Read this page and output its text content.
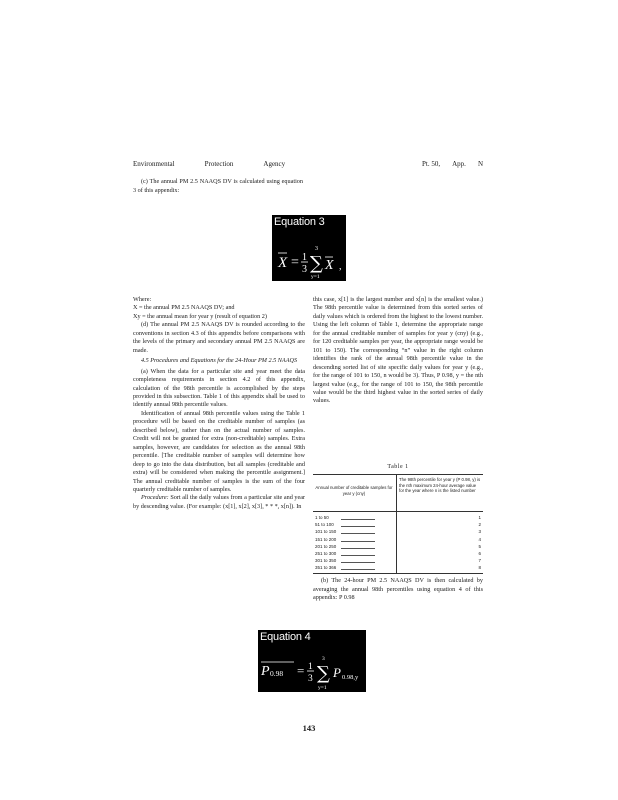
Environmental	Protection	Agency	Pt. 50, App. N
(c) The annual PM 2.5 NAAQS DV is calculated using equation 3 of this appendix:
Equation 3
X = 1
3
3
∑
y=1
X ,

Where:

X = the annual PM 2.5 NAAQS DV; and

Xy = the annual mean for year y (result of equation 2)

(d) The annual PM 2.5 NAAQS DV is rounded according to the conventions in section 4.3 of this appendix before comparisons with the levels of the primary and secondary annual PM 2.5 NAAQS are made.

4.5 Procedures and Equations for the 24-Hour PM 2.5 NAAQS

(a) When the data for a particular site and year meet the data completeness requirements in section 4.2 of this appendix, calculation of the 98th percentile is accomplished by the steps provided in this subsection. Table 1 of this appendix shall be used to identify annual 98th percentile values.

Identification of annual 98th percentile values using the Table 1 procedure will be based on the creditable number of samples (as described below), rather than on the actual number of samples. Credit will not be granted for extra (non-creditable) samples. Extra samples, however, are candidates for selection as the annual 98th percentile. [The creditable number of samples will determine how deep to go into the data distribution, but all samples (creditable and extra) will be considered when making the percentile assignment.] The annual creditable number of samples is the sum of the four quarterly creditable number of samples.

Procedure: Sort all the daily values from a particular site and year by descending value. (For example: (x[1], x[2], x[3], * * *, x[n]). In

this case, x[1] is the largest number and x[n] is the smallest value.) The 98th percentile value is determined from this sorted series of daily values which is ordered from the highest to the lowest number. Using the left column of Table 1, determine the appropriate range for the annual creditable number of samples for year y (cny) (e.g., for 120 creditable samples per year, the appropriate range would be 101 to 150). The corresponding “n” value in the right column identifies the rank of the annual 98th percentile value in the descending sorted list of site specific daily values for year y (e.g., for the range of 101 to 150, n would be 3). Thus, P 0.98, y = the nth largest value (e.g., for the range of 101 to 150, the 98th percentile value would be the third highest value in the sorted series of daily values.

Table 1
Annual number of creditable samples for year y (cny)
The 98th percentile for year y (P 0.98, y) is the nth maximum 24-hour average value for the year where n is the listed number
1 to 50	1
51 to 100	2
101 to 150	3
151 to 200	4
201 to 250	5
251 to 300	6
301 to 350	7
351 to 366	8
(b) The 24-hour PM 2.5 NAAQS DV is then calculated by averaging the annual 98th percentiles using equation 4 of this appendix: P 0.98
Equation 4
P 0.98 = 1
3
3
∑
y=1
P 0.98,y
143
